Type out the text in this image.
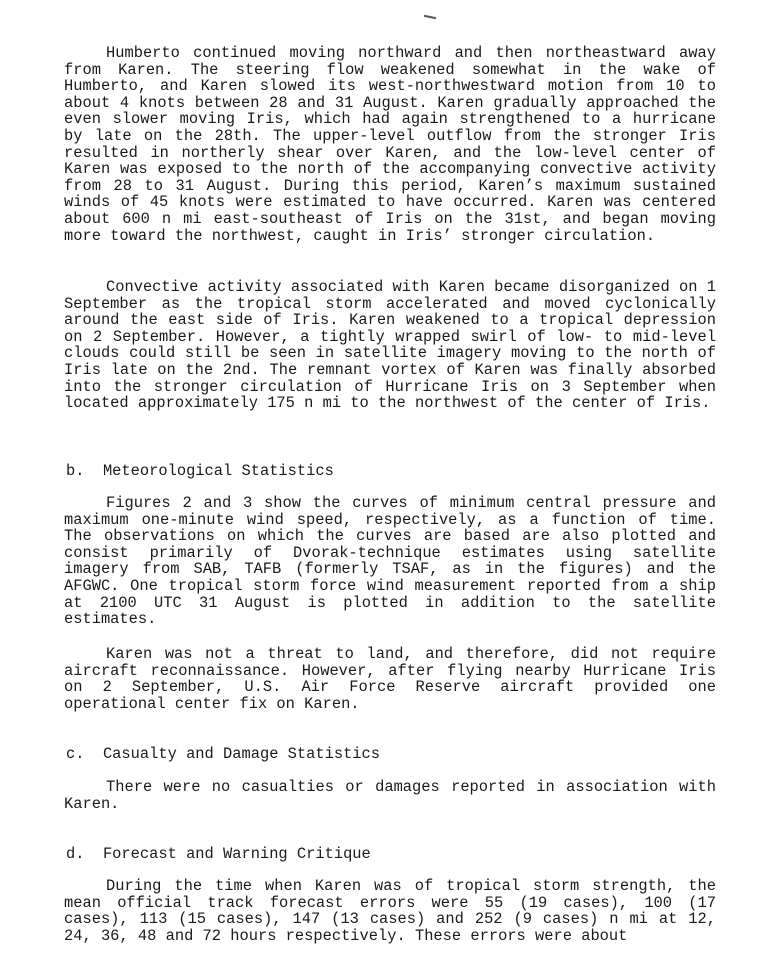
Humberto continued moving northward and then northeastward away from Karen. The steering flow weakened somewhat in the wake of Humberto, and Karen slowed its west-northwestward motion from 10 to about 4 knots between 28 and 31 August. Karen gradually approached the even slower moving Iris, which had again strengthened to a hurricane by late on the 28th. The upper-level outflow from the stronger Iris resulted in northerly shear over Karen, and the low-level center of Karen was exposed to the north of the accompanying convective activity from 28 to 31 August. During this period, Karen’s maximum sustained winds of 45 knots were estimated to have occurred. Karen was centered about 600 n mi east-southeast of Iris on the 31st, and began moving more toward the northwest, caught in Iris’ stronger circulation.

Convective activity associated with Karen became disorganized on 1 September as the tropical storm accelerated and moved cyclonically around the east side of Iris. Karen weakened to a tropical depression on 2 September. However, a tightly wrapped swirl of low- to mid-level clouds could still be seen in satellite imagery moving to the north of Iris late on the 2nd. The remnant vortex of Karen was finally absorbed into the stronger circulation of Hurricane Iris on 3 September when located approximately 175 n mi to the northwest of the center of Iris.

b.  Meteorological Statistics

Figures 2 and 3 show the curves of minimum central pressure and maximum one-minute wind speed, respectively, as a function of time. The observations on which the curves are based are also plotted and consist primarily of Dvorak-technique estimates using satellite imagery from SAB, TAFB (formerly TSAF, as in the figures) and the AFGWC. One tropical storm force wind measurement reported from a ship at 2100 UTC 31 August is plotted in addition to the satellite estimates.

Karen was not a threat to land, and therefore, did not require aircraft reconnaissance. However, after flying nearby Hurricane Iris on 2 September, U.S. Air Force Reserve aircraft provided one operational center fix on Karen.

c.  Casualty and Damage Statistics

There were no casualties or damages reported in association with Karen.

d.  Forecast and Warning Critique

During the time when Karen was of tropical storm strength, the mean official track forecast errors were 55 (19 cases), 100 (17 cases), 113 (15 cases), 147 (13 cases) and 252 (9 cases) n mi at 12, 24, 36, 48 and 72 hours respectively. These errors were about
